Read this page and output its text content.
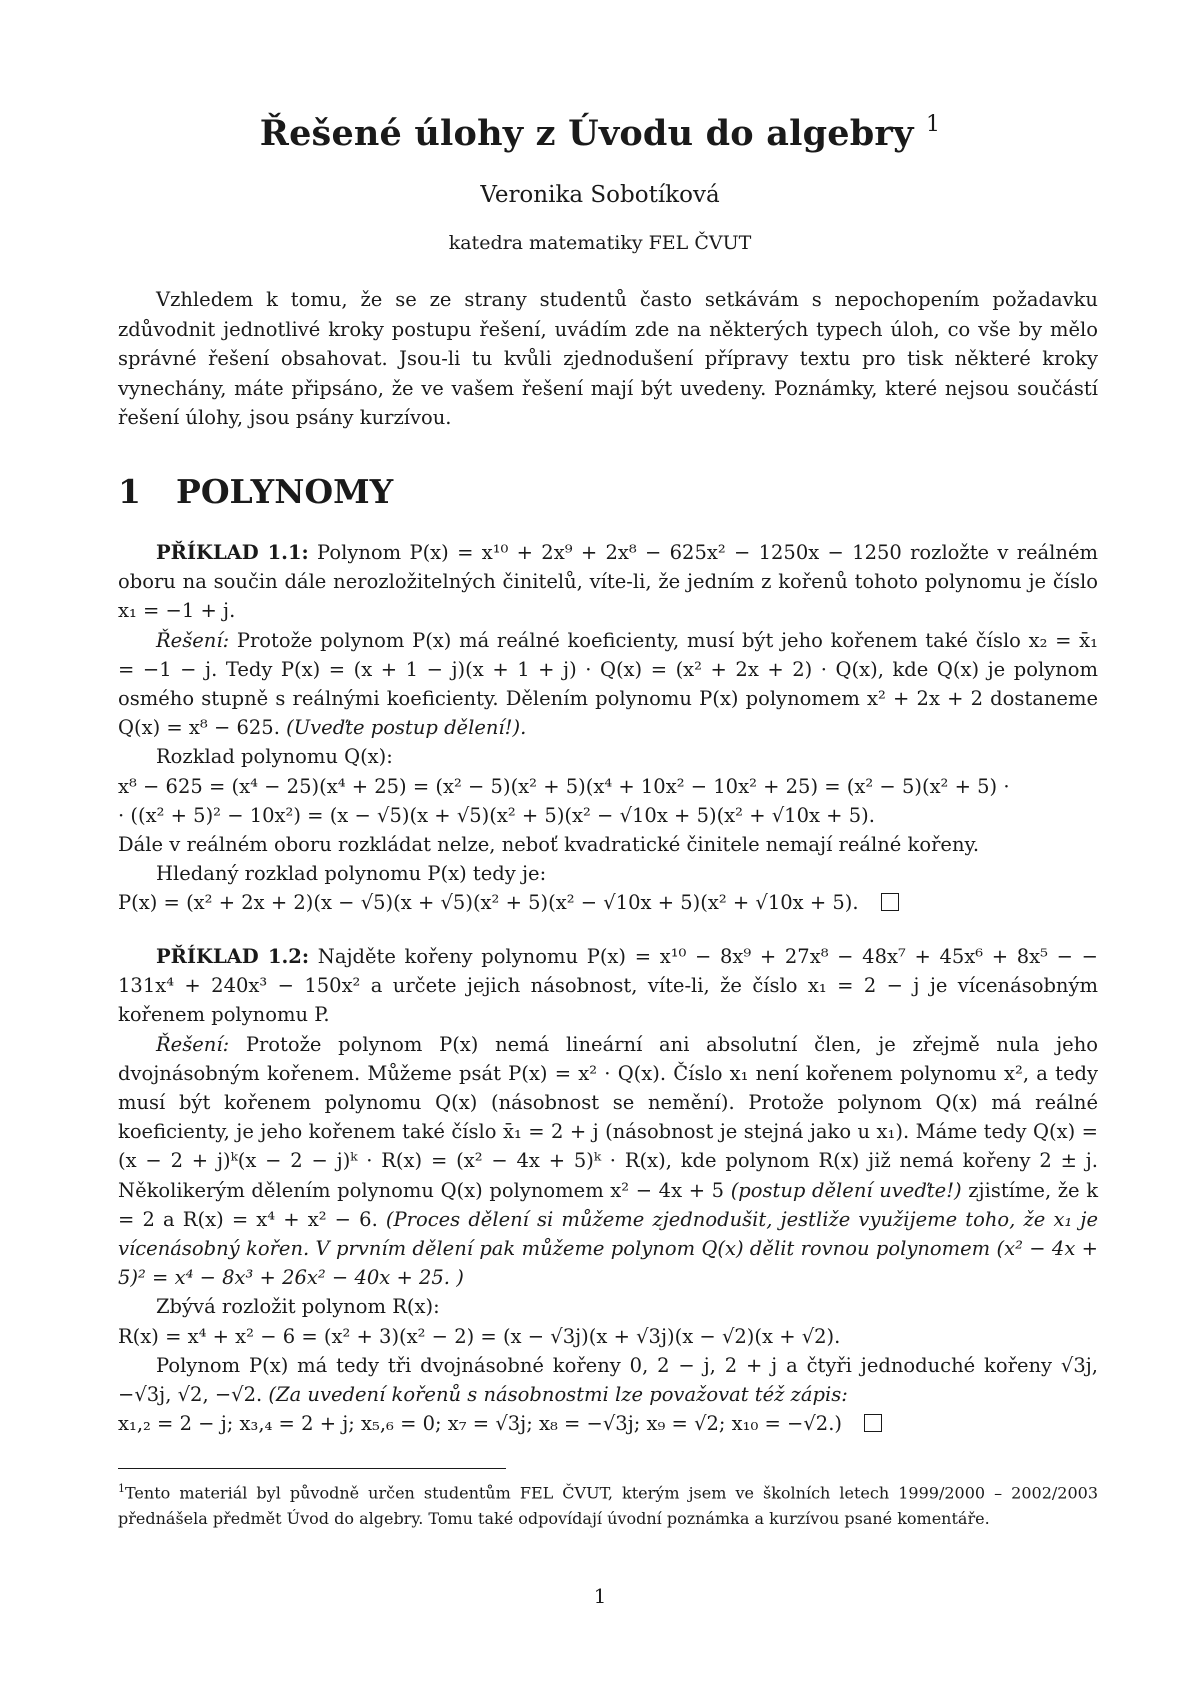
Řešené úlohy z Úvodu do algebry $^1$
Veronika Sobotíková
katedra matematiky FEL ČVUT

Vzhledem k tomu, že se ze strany studentů často setkávám s nepochopením požadavku zdůvodnit jednotlivé kroky postupu řešení, uvádím zde na některých typech úloh, co vše by mělo správné řešení obsahovat. Jsou-li tu kvůli zjednodušení přípravy textu pro tisk některé kroky vynechány, máte připsáno, že ve vašem řešení mají být uvedeny. Poznámky, které nejsou součástí řešení úlohy, jsou psány kurzívou.

1 POLYNOMY

PŘÍKLAD 1.1: Polynom P(x) = x¹⁰ + 2x⁹ + 2x⁸ − 625x² − 1250x − 1250 rozložte v reálném oboru na součin dále nerozložitelných činitelů, víte-li, že jedním z kořenů tohoto polynomu je číslo x₁ = −1 + j.

Řešení: Protože polynom P(x) má reálné koeficienty, musí být jeho kořenem také číslo x₂ = x̄₁ = −1 − j. Tedy P(x) = (x + 1 − j)(x + 1 + j) · Q(x) = (x² + 2x + 2) · Q(x), kde Q(x) je polynom osmého stupně s reálnými koeficienty. Dělením polynomu P(x) polynomem x² + 2x + 2 dostaneme Q(x) = x⁸ − 625. (Uveďte postup dělení!).

Rozklad polynomu Q(x):

x⁸ − 625 = (x⁴ − 25)(x⁴ + 25) = (x² − 5)(x² + 5)(x⁴ + 10x² − 10x² + 25) = (x² − 5)(x² + 5) ·

· ((x² + 5)² − 10x²) = (x − √5)(x + √5)(x² + 5)(x² − √10x + 5)(x² + √10x + 5).

Dále v reálném oboru rozkládat nelze, neboť kvadratické činitele nemají reálné kořeny.

Hledaný rozklad polynomu P(x) tedy je:

P(x) = (x² + 2x + 2)(x − √5)(x + √5)(x² + 5)(x² − √10x + 5)(x² + √10x + 5).

PŘÍKLAD 1.2: Najděte kořeny polynomu P(x) = x¹⁰ − 8x⁹ + 27x⁸ − 48x⁷ + 45x⁶ + 8x⁵ − − 131x⁴ + 240x³ − 150x² a určete jejich násobnost, víte-li, že číslo x₁ = 2 − j je vícenásobným kořenem polynomu P.

Řešení: Protože polynom P(x) nemá lineární ani absolutní člen, je zřejmě nula jeho dvojnásobným kořenem. Můžeme psát P(x) = x² · Q(x). Číslo x₁ není kořenem polynomu x², a tedy musí být kořenem polynomu Q(x) (násobnost se nemění). Protože polynom Q(x) má reálné koeficienty, je jeho kořenem také číslo x̄₁ = 2 + j (násobnost je stejná jako u x₁). Máme tedy Q(x) = (x − 2 + j)ᵏ(x − 2 − j)ᵏ · R(x) = (x² − 4x + 5)ᵏ · R(x), kde polynom R(x) již nemá kořeny 2 ± j. Několikerým dělením polynomu Q(x) polynomem x² − 4x + 5 (postup dělení uveďte!) zjistíme, že k = 2 a R(x) = x⁴ + x² − 6. (Proces dělení si můžeme zjednodušit, jestliže využijeme toho, že x₁ je vícenásobný kořen. V prvním dělení pak můžeme polynom Q(x) dělit rovnou polynomem (x² − 4x + 5)² = x⁴ − 8x³ + 26x² − 40x + 25. )

Zbývá rozložit polynom R(x):

R(x) = x⁴ + x² − 6 = (x² + 3)(x² − 2) = (x − √3j)(x + √3j)(x − √2)(x + √2).

Polynom P(x) má tedy tři dvojnásobné kořeny 0, 2 − j, 2 + j a čtyři jednoduché kořeny √3j, −√3j, √2, −√2. (Za uvedení kořenů s násobnostmi lze považovat též zápis:

x₁,₂ = 2 − j; x₃,₄ = 2 + j; x₅,₆ = 0; x₇ = √3j; x₈ = −√3j; x₉ = √2; x₁₀ = −√2.)

$^1$Tento materiál byl původně určen studentům FEL ČVUT, kterým jsem ve školních letech 1999/2000 – 2002/2003 přednášela předmět Úvod do algebry. Tomu také odpovídají úvodní poznámka a kurzívou psané komentáře.

1
